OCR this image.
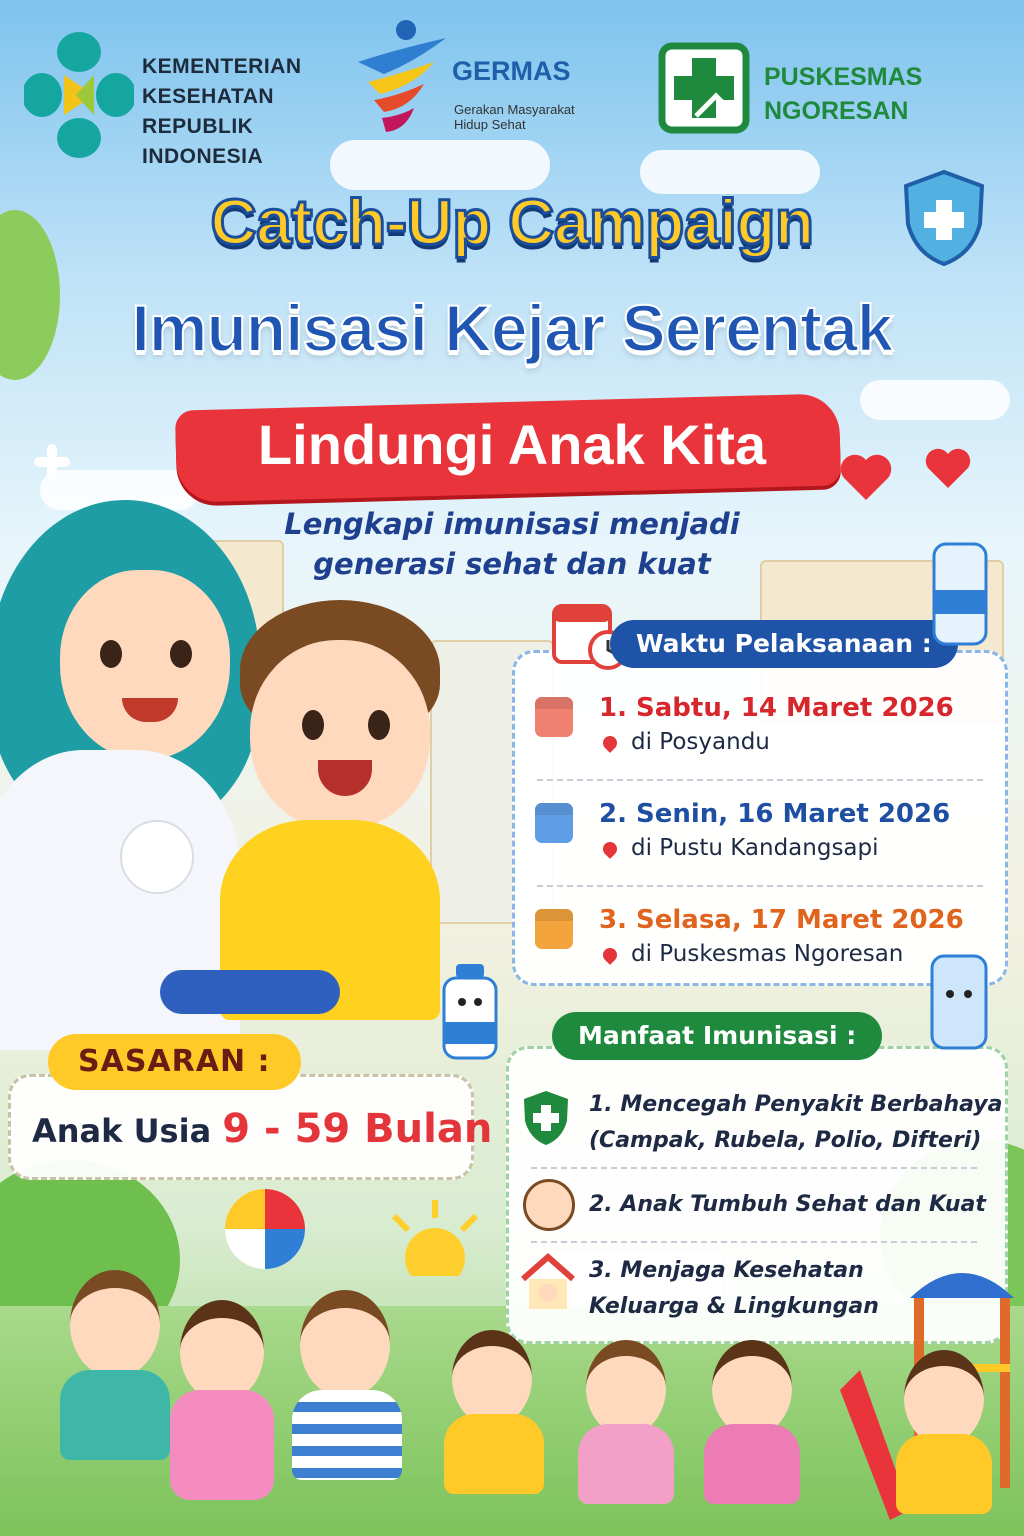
KEMENTERIAN
KESEHATAN
REPUBLIK
INDONESIA
GERMAS
Gerakan Masyarakat
Hidup Sehat
PUSKESMAS
NGORESAN
Catch-Up Campaign
Imunisasi Kejar Serentak
Lindungi Anak Kita
Lengkapi imunisasi menjadi
generasi sehat dan kuat
1. Sabtu, 14 Maret 2026
di Posyandu
2. Senin, 16 Maret 2026
di Pustu Kandangsapi
3. Selasa, 17 Maret 2026
di Puskesmas Ngoresan
Waktu Pelaksanaan :
SASARAN :
Anak Usia 9 - 59 Bulan
1. Mencegah Penyakit Berbahaya
(Campak, Rubela, Polio, Difteri)
2. Anak Tumbuh Sehat dan Kuat
3. Menjaga Kesehatan
Keluarga & Lingkungan
Manfaat Imunisasi :
